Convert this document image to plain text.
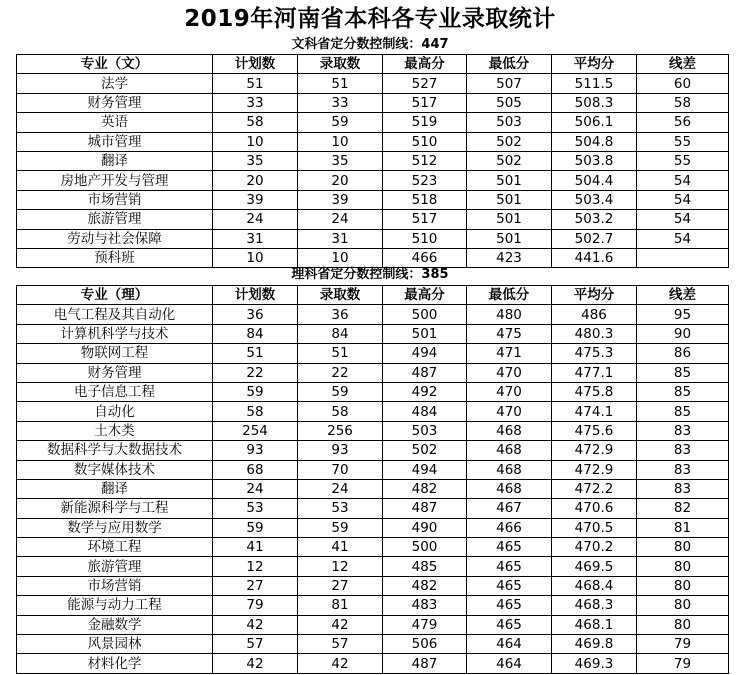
2019年河南省本科各专业录取统计
文科省定分数控制线：447
专业（文）	计划数	录取数	最高分	最低分	平均分	线差
法学	51	51	527	507	511.5	60
财务管理	33	33	517	505	508.3	58
英语	58	59	519	503	506.1	56
城市管理	10	10	510	502	504.8	55
翻译	35	35	512	502	503.8	55
房地产开发与管理	20	20	523	501	504.4	54
市场营销	39	39	518	501	503.4	54
旅游管理	24	24	517	501	503.2	54
劳动与社会保障	31	31	510	501	502.7	54
预科班	10	10	466	423	441.6	
理科省定分数控制线：385
专业（理）	计划数	录取数	最高分	最低分	平均分	线差
电气工程及其自动化	36	36	500	480	486	95
计算机科学与技术	84	84	501	475	480.3	90
物联网工程	51	51	494	471	475.3	86
财务管理	22	22	487	470	477.1	85
电子信息工程	59	59	492	470	475.8	85
自动化	58	58	484	470	474.1	85
土木类	254	256	503	468	475.6	83
数据科学与大数据技术	93	93	502	468	472.9	83
数字媒体技术	68	70	494	468	472.9	83
翻译	24	24	482	468	472.2	83
新能源科学与工程	53	53	487	467	470.6	82
数学与应用数学	59	59	490	466	470.5	81
环境工程	41	41	500	465	470.2	80
旅游管理	12	12	485	465	469.5	80
市场营销	27	27	482	465	468.4	80
能源与动力工程	79	81	483	465	468.3	80
金融数学	42	42	479	465	468.1	80
风景园林	57	57	506	464	469.8	79
材料化学	42	42	487	464	469.3	79
